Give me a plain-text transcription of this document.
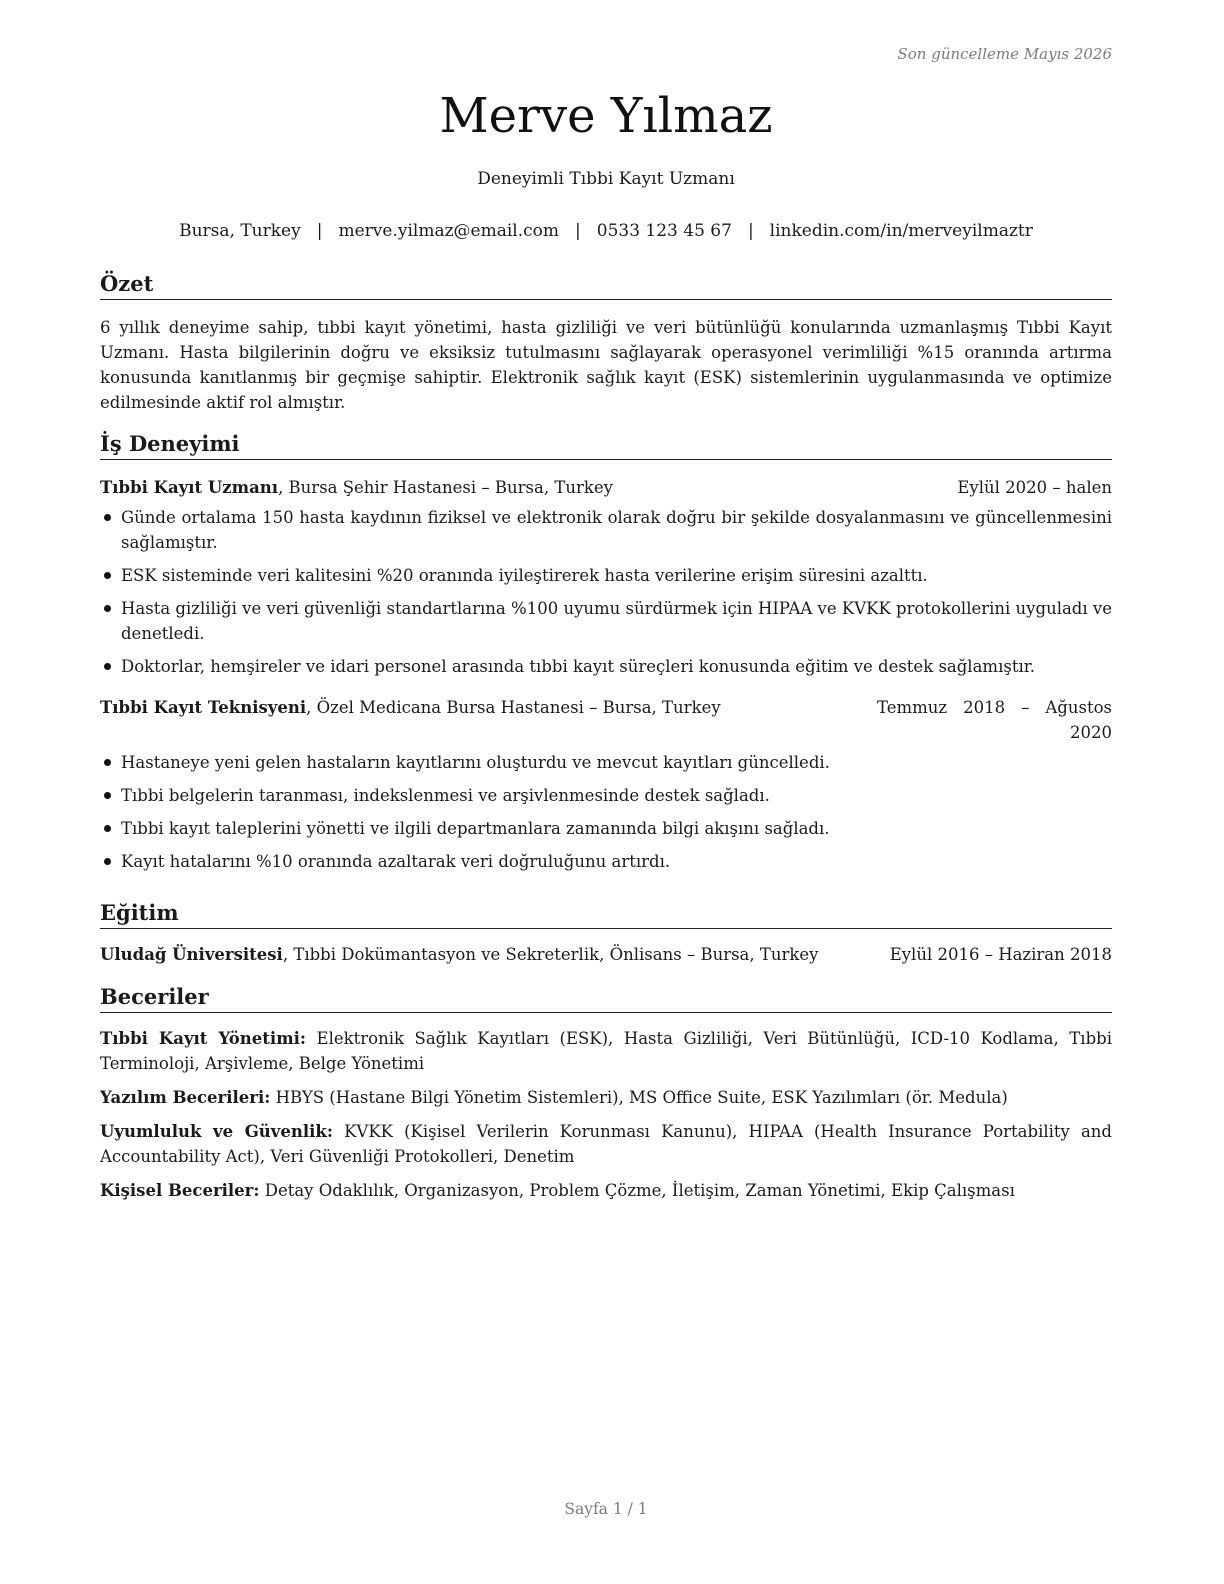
Son güncelleme Mayıs 2026
Merve Yılmaz
Deneyimli Tıbbi Kayıt Uzmanı
Bursa, Turkey | merve.yilmaz@email.com | 0533 123 45 67 | linkedin.com/in/merveyilmaztr
Özet
6 yıllık deneyime sahip, tıbbi kayıt yönetimi, hasta gizliliği ve veri bütünlüğü konularında uzmanlaşmış Tıbbi Kayıt Uzmanı. Hasta bilgilerinin doğru ve eksiksiz tutulmasını sağlayarak operasyonel verimliliği %15 oranında artırma konusunda kanıtlanmış bir geçmişe sahiptir. Elektronik sağlık kayıt (ESK) sistemlerinin uygulanmasında ve optimize edilmesinde aktif rol almıştır.
İş Deneyimi
Tıbbi Kayıt Uzmanı, Bursa Şehir Hastanesi – Bursa, Turkey	Eylül 2020 – halen
Günde ortalama 150 hasta kaydının fiziksel ve elektronik olarak doğru bir şekilde dosyalanmasını ve güncellenmesini sağlamıştır.
ESK sisteminde veri kalitesini %20 oranında iyileştirerek hasta verilerine erişim süresini azalttı.
Hasta gizliliği ve veri güvenliği standartlarına %100 uyumu sürdürmek için HIPAA ve KVKK protokollerini uyguladı ve denetledi.
Doktorlar, hemşireler ve idari personel arasında tıbbi kayıt süreçleri konusunda eğitim ve destek sağlamıştır.
Tıbbi Kayıt Teknisyeni, Özel Medicana Bursa Hastanesi – Bursa, Turkey	Temmuz 2018 – Ağustos 2020
Hastaneye yeni gelen hastaların kayıtlarını oluşturdu ve mevcut kayıtları güncelledi.
Tıbbi belgelerin taranması, indekslenmesi ve arşivlenmesinde destek sağladı.
Tıbbi kayıt taleplerini yönetti ve ilgili departmanlara zamanında bilgi akışını sağladı.
Kayıt hatalarını %10 oranında azaltarak veri doğruluğunu artırdı.
Eğitim
Uludağ Üniversitesi, Tıbbi Dokümantasyon ve Sekreterlik, Önlisans – Bursa, Turkey	Eylül 2016 – Haziran 2018
Beceriler
Tıbbi Kayıt Yönetimi: Elektronik Sağlık Kayıtları (ESK), Hasta Gizliliği, Veri Bütünlüğü, ICD-10 Kodlama, Tıbbi Terminoloji, Arşivleme, Belge Yönetimi
Yazılım Becerileri: HBYS (Hastane Bilgi Yönetim Sistemleri), MS Office Suite, ESK Yazılımları (ör. Medula)
Uyumluluk ve Güvenlik: KVKK (Kişisel Verilerin Korunması Kanunu), HIPAA (Health Insurance Portability and Accountability Act), Veri Güvenliği Protokolleri, Denetim
Kişisel Beceriler: Detay Odaklılık, Organizasyon, Problem Çözme, İletişim, Zaman Yönetimi, Ekip Çalışması
Sayfa 1 / 1
